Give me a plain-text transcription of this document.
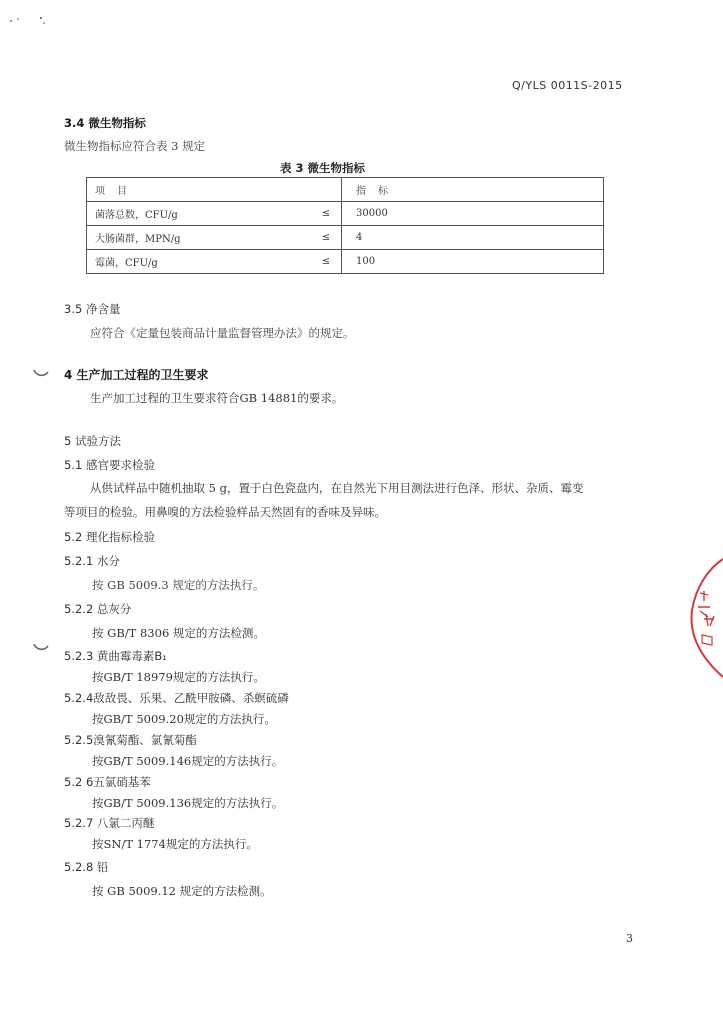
Q/YLS 0011S-2015
3.4 微生物指标
微生物指标应符合表 3 规定
表 3 微生物指标
项目		指标
菌落总数，CFU/g	≤	30000
大肠菌群，MPN/g	≤	4
霉菌，CFU/g	≤	100
3.5 净含量
应符合《定量包装商品计量监督管理办法》的规定。
4 生产加工过程的卫生要求
生产加工过程的卫生要求符合GB 14881的要求。
5 试验方法
5.1 感官要求检验
从供试样品中随机抽取 5 g，置于白色瓷盘内，在自然光下用目测法进行色泽、形状、杂质、霉变
等项目的检验。用鼻嗅的方法检验样品天然固有的香味及异味。
5.2 理化指标检验
5.2.1 水分
按 GB 5009.3 规定的方法执行。
5.2.2 总灰分
按 GB/T 8306 规定的方法检测。
5.2.3 黄曲霉毒素B₁
按GB/T 18979规定的方法执行。
5.2.4敌敌畏、乐果、乙酰甲胺磷、杀螟硫磷
按GB/T 5009.20规定的方法执行。
5.2.5溴氰菊酯、氯氰菊酯
按GB/T 5009.146规定的方法执行。
5.2 6五氯硝基苯
按GB/T 5009.136规定的方法执行。
5.2.7 八氯二丙醚
按SN/T 1774规定的方法执行。
5.2.8 铅
按 GB 5009.12 规定的方法检测。
3
